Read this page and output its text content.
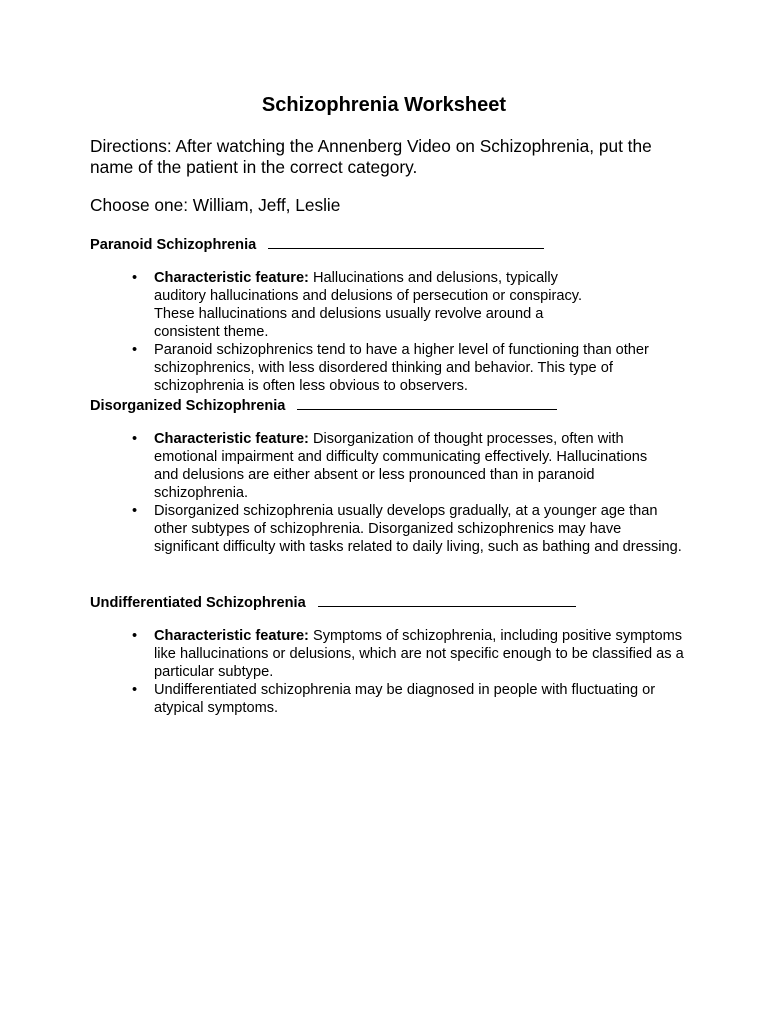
Schizophrenia Worksheet

Directions: After watching the Annenberg Video on Schizophrenia, put the name of the patient in the correct category.

Choose one: William, Jeff, Leslie

Paranoid Schizophrenia

• Characteristic feature: Hallucinations and delusions, typically auditory hallucinations and delusions of persecution or conspiracy. These hallucinations and delusions usually revolve around a consistent theme.
• Paranoid schizophrenics tend to have a higher level of functioning than other schizophrenics, with less disordered thinking and behavior. This type of schizophrenia is often less obvious to observers.

Disorganized Schizophrenia

• Characteristic feature: Disorganization of thought processes, often with emotional impairment and difficulty communicating effectively. Hallucinations and delusions are either absent or less pronounced than in paranoid schizophrenia.
• Disorganized schizophrenia usually develops gradually, at a younger age than other subtypes of schizophrenia. Disorganized schizophrenics may have significant difficulty with tasks related to daily living, such as bathing and dressing.

Undifferentiated Schizophrenia

• Characteristic feature: Symptoms of schizophrenia, including positive symptoms like hallucinations or delusions, which are not specific enough to be classified as a particular subtype.
• Undifferentiated schizophrenia may be diagnosed in people with fluctuating or atypical symptoms.
